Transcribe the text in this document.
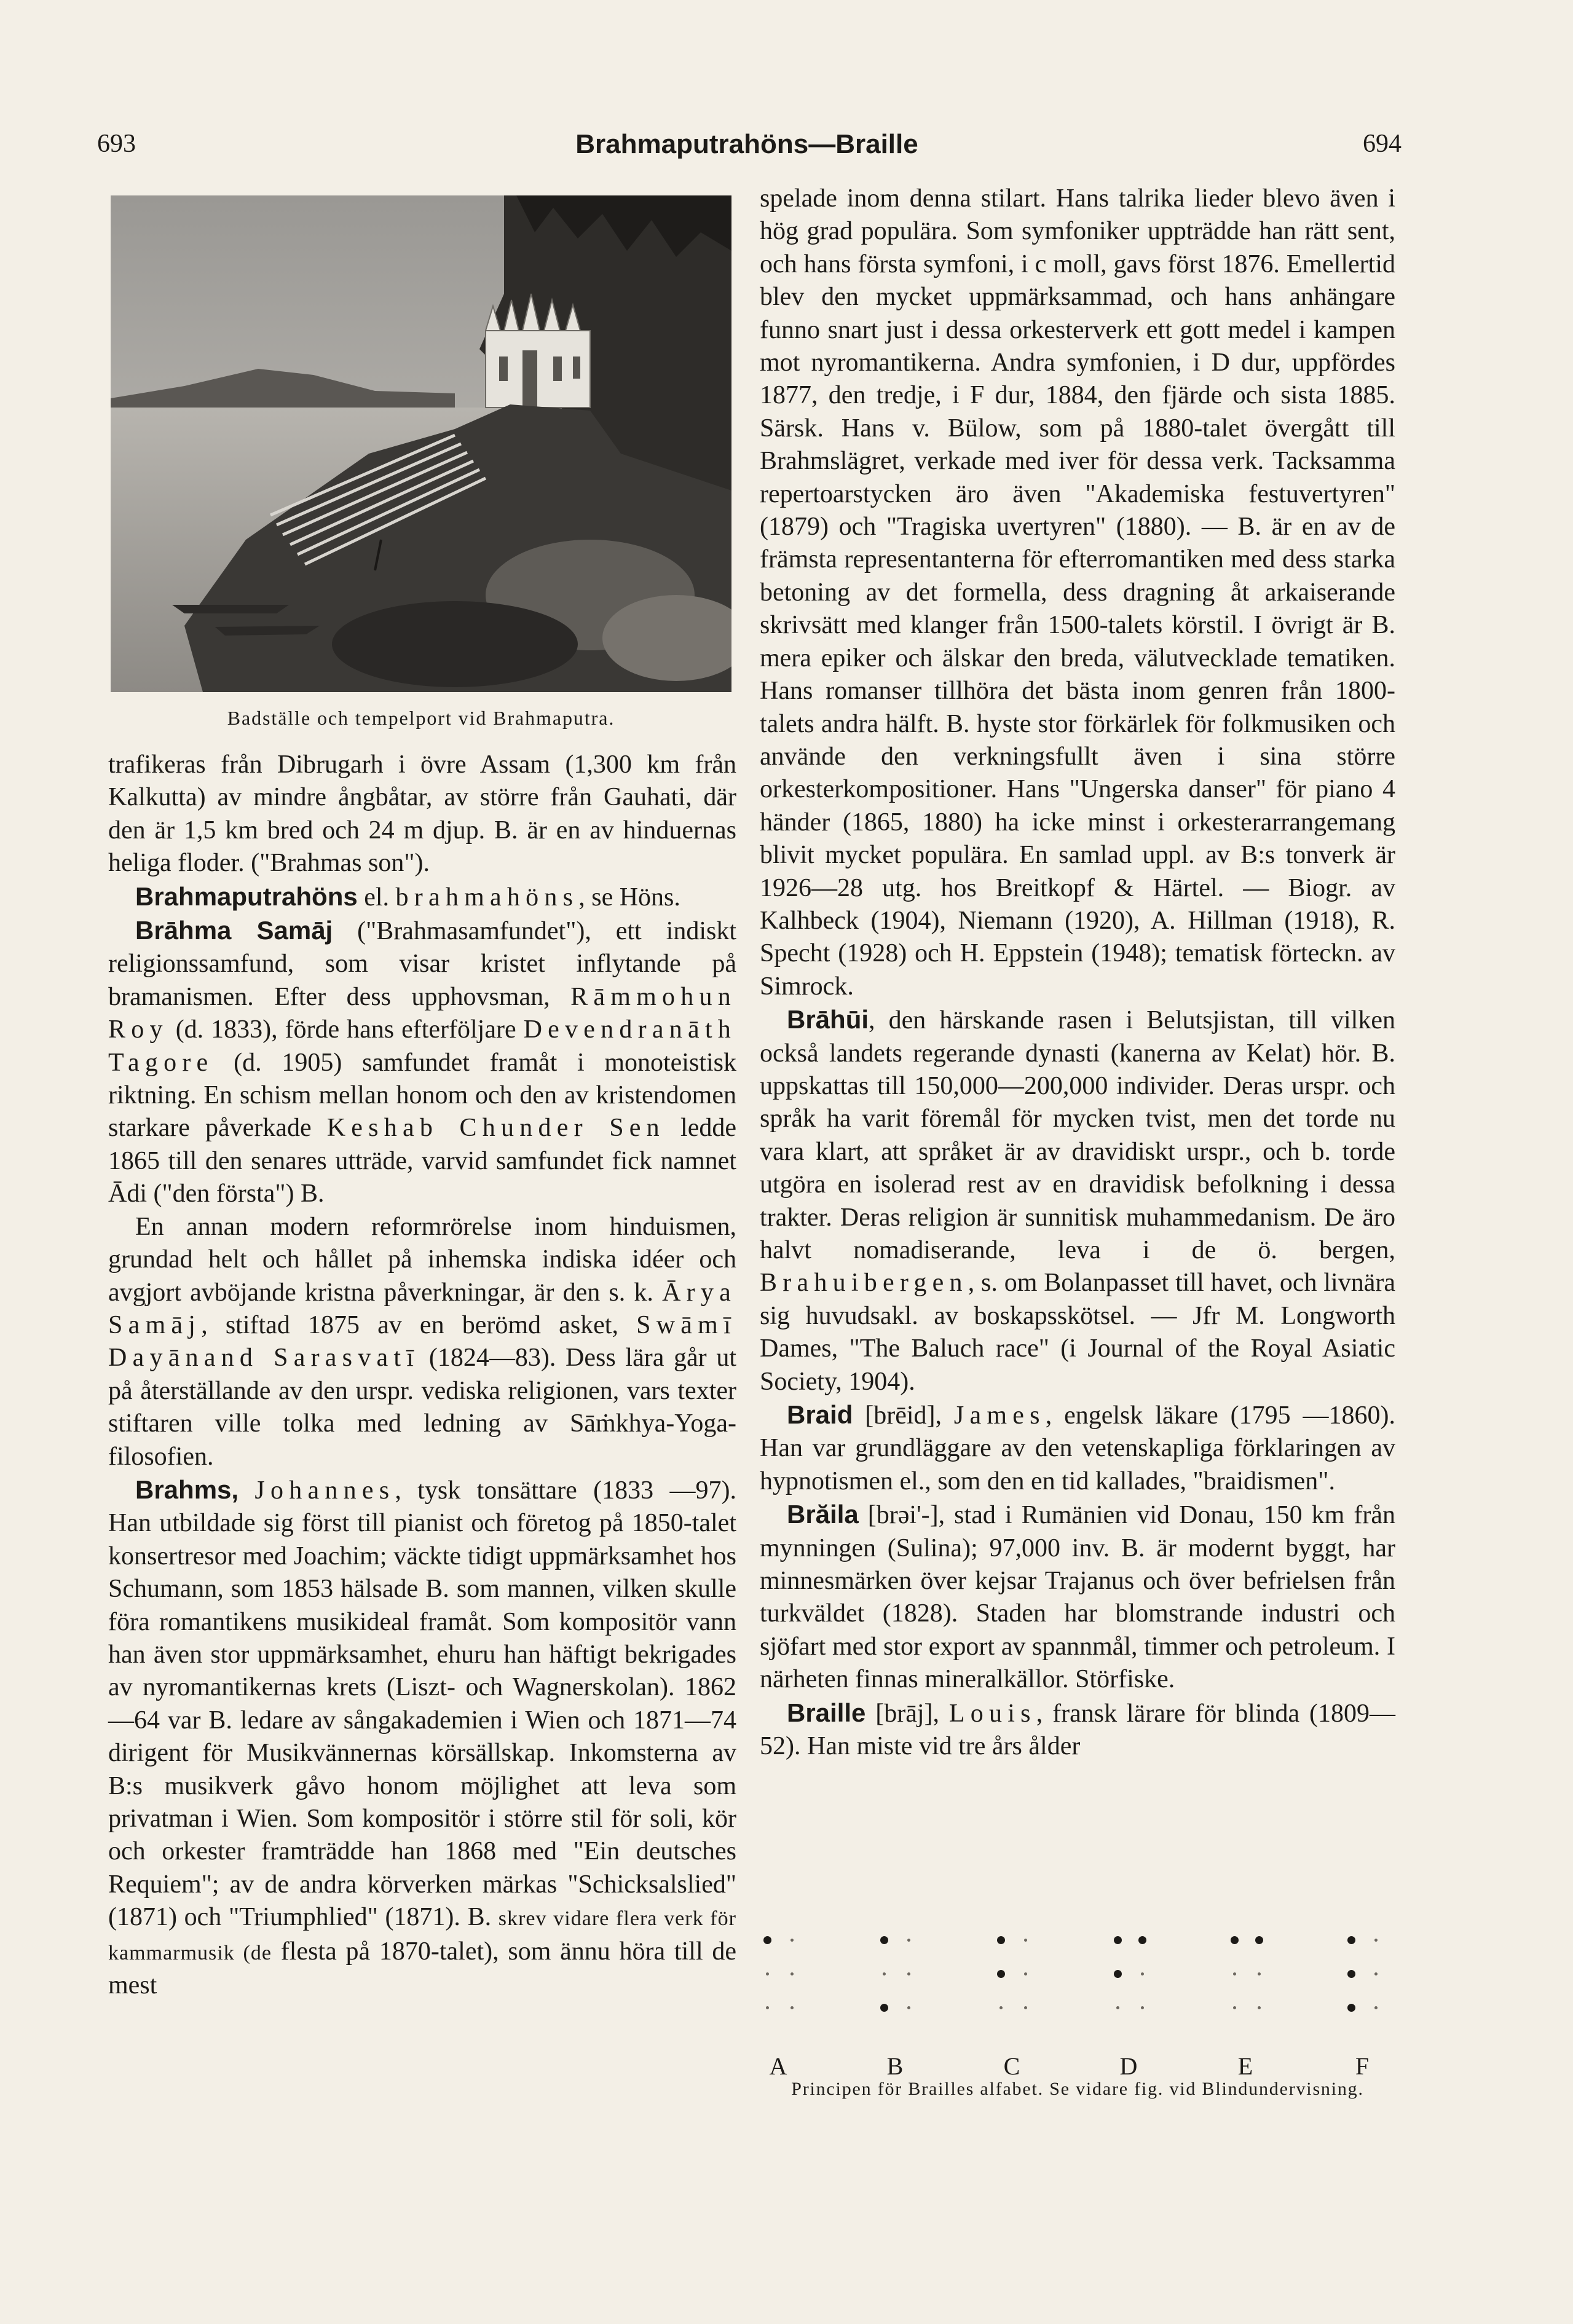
693	Brahmaputrahöns—Braille	694
Badställe och tempelport vid Brahmaputra.

trafikeras från Dibrugarh i övre Assam (1,300 km från Kalkutta) av mindre ångbåtar, av större från Gauhati, där den är 1,5 km bred och 24 m djup. B. är en av hinduernas heliga floder. ("Brahmas son").

Brahmaputrahöns el. brahmahöns, se Höns.

Brāhma Samāj ("Brahmasamfundet"), ett indiskt religionssamfund, som visar kristet inflytande på bramanismen. Efter dess upphovsman, Rāmmohun Roy (d. 1833), förde hans efterföljare Devendranāth Tagore (d. 1905) samfundet framåt i monoteistisk riktning. En schism mellan honom och den av kristendomen starkare påverkade Keshab Chunder Sen ledde 1865 till den senares utträde, varvid samfundet fick namnet Ādi ("den första") B.

En annan modern reformrörelse inom hinduismen, grundad helt och hållet på inhemska indiska idéer och avgjort avböjande kristna påverkningar, är den s. k. Ārya Samāj, stiftad 1875 av en berömd asket, Swāmī Dayānand Sarasvatī (1824—83). Dess lära går ut på återställande av den urspr. vediska religionen, vars texter stiftaren ville tolka med ledning av Sāṁkhya-Yoga-filosofien.

Brahms, Johannes, tysk tonsättare (1833 —97). Han utbildade sig först till pianist och företog på 1850-talet konsertresor med Joachim; väckte tidigt uppmärksamhet hos Schumann, som 1853 hälsade B. som mannen, vilken skulle föra romantikens musikideal framåt. Som kompositör vann han även stor uppmärksamhet, ehuru han häftigt bekrigades av nyromantikernas krets (Liszt- och Wagnerskolan). 1862—64 var B. ledare av sångakademien i Wien och 1871—74 dirigent för Musikvännernas körsällskap. Inkomsterna av B:s musikverk gåvo honom möjlighet att leva som privatman i Wien. Som kompositör i större stil för soli, kör och orkester framträdde han 1868 med "Ein deutsches Requiem"; av de andra körverken märkas "Schicksalslied" (1871) och "Triumphlied" (1871). B. skrev vidare flera verk för kammarmusik (de flesta på 1870-talet), som ännu höra till de mest

spelade inom denna stilart. Hans talrika lieder blevo även i hög grad populära. Som symfoniker uppträdde han rätt sent, och hans första symfoni, i c moll, gavs först 1876. Emellertid blev den mycket uppmärksammad, och hans anhängare funno snart just i dessa orkesterverk ett gott medel i kampen mot nyromantikerna. Andra symfonien, i D dur, uppfördes 1877, den tredje, i F dur, 1884, den fjärde och sista 1885. Särsk. Hans v. Bülow, som på 1880-talet övergått till Brahmslägret, verkade med iver för dessa verk. Tacksamma repertoarstycken äro även "Akademiska festuvertyren" (1879) och "Tragiska uvertyren" (1880). — B. är en av de främsta representanterna för efterromantiken med dess starka betoning av det formella, dess dragning åt arkaiserande skrivsätt med klanger från 1500-talets körstil. I övrigt är B. mera epiker och älskar den breda, välutvecklade tematiken. Hans romanser tillhöra det bästa inom genren från 1800-talets andra hälft. B. hyste stor förkärlek för folkmusiken och använde den verkningsfullt även i sina större orkesterkompositioner. Hans "Ungerska danser" för piano 4 händer (1865, 1880) ha icke minst i orkesterarrangemang blivit mycket populära. En samlad uppl. av B:s tonverk är 1926—28 utg. hos Breitkopf & Härtel. — Biogr. av Kalhbeck (1904), Niemann (1920), A. Hillman (1918), R. Specht (1928) och H. Eppstein (1948); tematisk förteckn. av Simrock.

Brāhūi, den härskande rasen i Belutsjistan, till vilken också landets regerande dynasti (kanerna av Kelat) hör. B. uppskattas till 150,000—200,000 individer. Deras urspr. och språk ha varit föremål för mycken tvist, men det torde nu vara klart, att språket är av dravidiskt urspr., och b. torde utgöra en isolerad rest av en dravidisk befolkning i dessa trakter. Deras religion är sunnitisk muhammedanism. De äro halvt nomadiserande, leva i de ö. bergen, Brahuibergen, s. om Bolanpasset till havet, och livnära sig huvudsakl. av boskapsskötsel. — Jfr M. Longworth Dames, "The Baluch race" (i Journal of the Royal Asiatic Society, 1904).

Braid [brēid], James, engelsk läkare (1795 —1860). Han var grundläggare av den vetenskapliga förklaringen av hypnotismen el., som den en tid kallades, "braidismen".

Brăila [brəi'-], stad i Rumänien vid Donau, 150 km från mynningen (Sulina); 97,000 inv. B. är modernt byggt, har minnesmärken över kejsar Trajanus och över befrielsen från turkväldet (1828). Staden har blomstrande industri och sjöfart med stor export av spannmål, timmer och petroleum. I närheten finnas mineralkällor. Störfiske.

Braille [brāj], Louis, fransk lärare för blinda (1809—52). Han miste vid tre års ålder

A	B	C	D	E	F
Principen för Brailles alfabet. Se vidare fig. vid Blindundervisning.
